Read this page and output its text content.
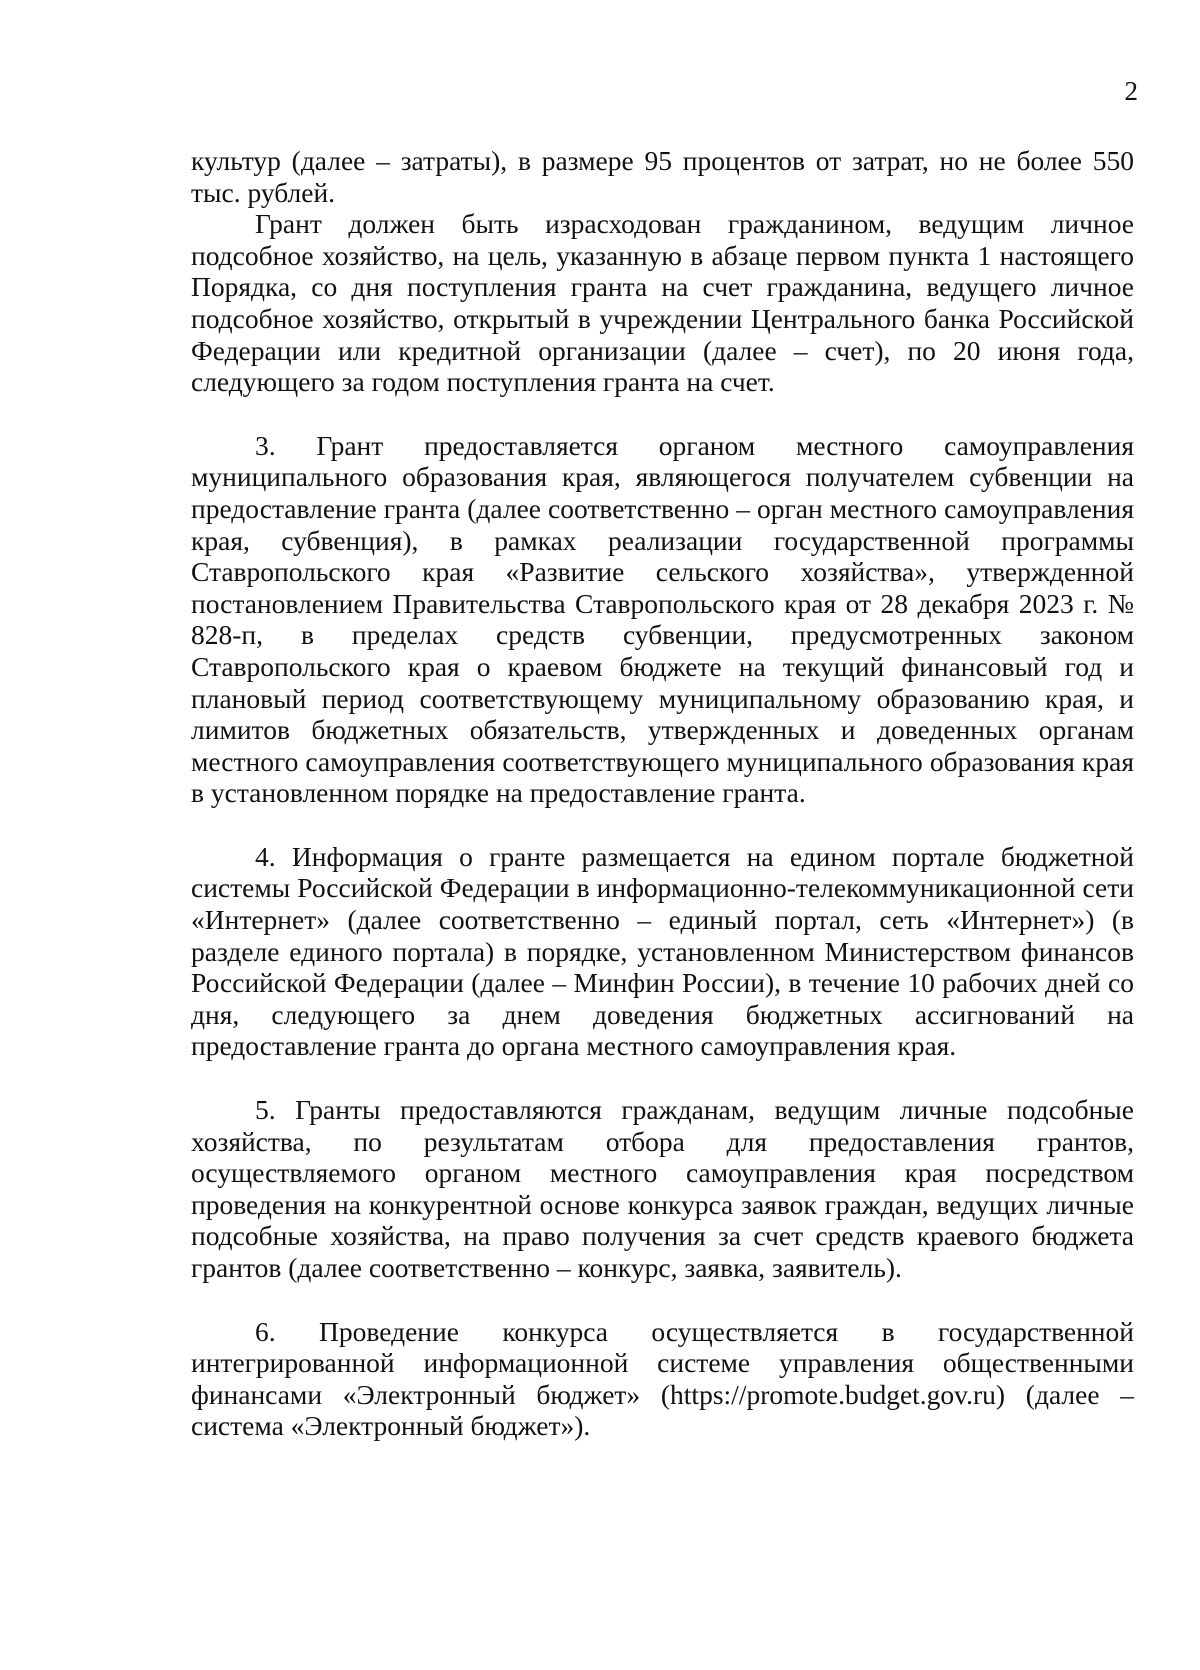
2

культур (далее – затраты), в размере 95 процентов от затрат, но не более 550 тыс. рублей.

Грант должен быть израсходован гражданином, ведущим личное подсобное хозяйство, на цель, указанную в абзаце первом пункта 1 настоящего Порядка, со дня поступления гранта на счет гражданина, ведущего личное подсобное хозяйство, открытый в учреждении Центрального банка Российской Федерации или кредитной организации (далее – счет), по 20 июня года, следующего за годом поступления гранта на счет.

3. Грант предоставляется органом местного самоуправления муниципального образования края, являющегося получателем субвенции на предоставление гранта (далее соответственно – орган местного самоуправления края, субвенция), в рамках реализации государственной программы Ставропольского края «Развитие сельского хозяйства», утвержденной постановлением Правительства Ставропольского края от 28 декабря 2023 г. № 828-п, в пределах средств субвенции, предусмотренных законом Ставропольского края о краевом бюджете на текущий финансовый год и плановый период соответствующему муниципальному образованию края, и лимитов бюджетных обязательств, утвержденных и доведенных органам местного самоуправления соответствующего муниципального образования края в установленном порядке на предоставление гранта.

4. Информация о гранте размещается на едином портале бюджетной системы Российской Федерации в информационно-телекоммуникационной сети «Интернет» (далее соответственно – единый портал, сеть «Интернет») (в разделе единого портала) в порядке, установленном Министерством финансов Российской Федерации (далее – Минфин России), в течение 10 рабочих дней со дня, следующего за днем доведения бюджетных ассигнований на предоставление гранта до органа местного самоуправления края.

5. Гранты предоставляются гражданам, ведущим личные подсобные хозяйства, по результатам отбора для предоставления грантов, осуществляемого органом местного самоуправления края посредством проведения на конкурентной основе конкурса заявок граждан, ведущих личные подсобные хозяйства, на право получения за счет средств краевого бюджета грантов (далее соответственно – конкурс, заявка, заявитель).

6. Проведение конкурса осуществляется в государственной интегрированной информационной системе управления общественными финансами «Электронный бюджет» (https://promote.budget.gov.ru) (далее – система «Электронный бюджет»).
